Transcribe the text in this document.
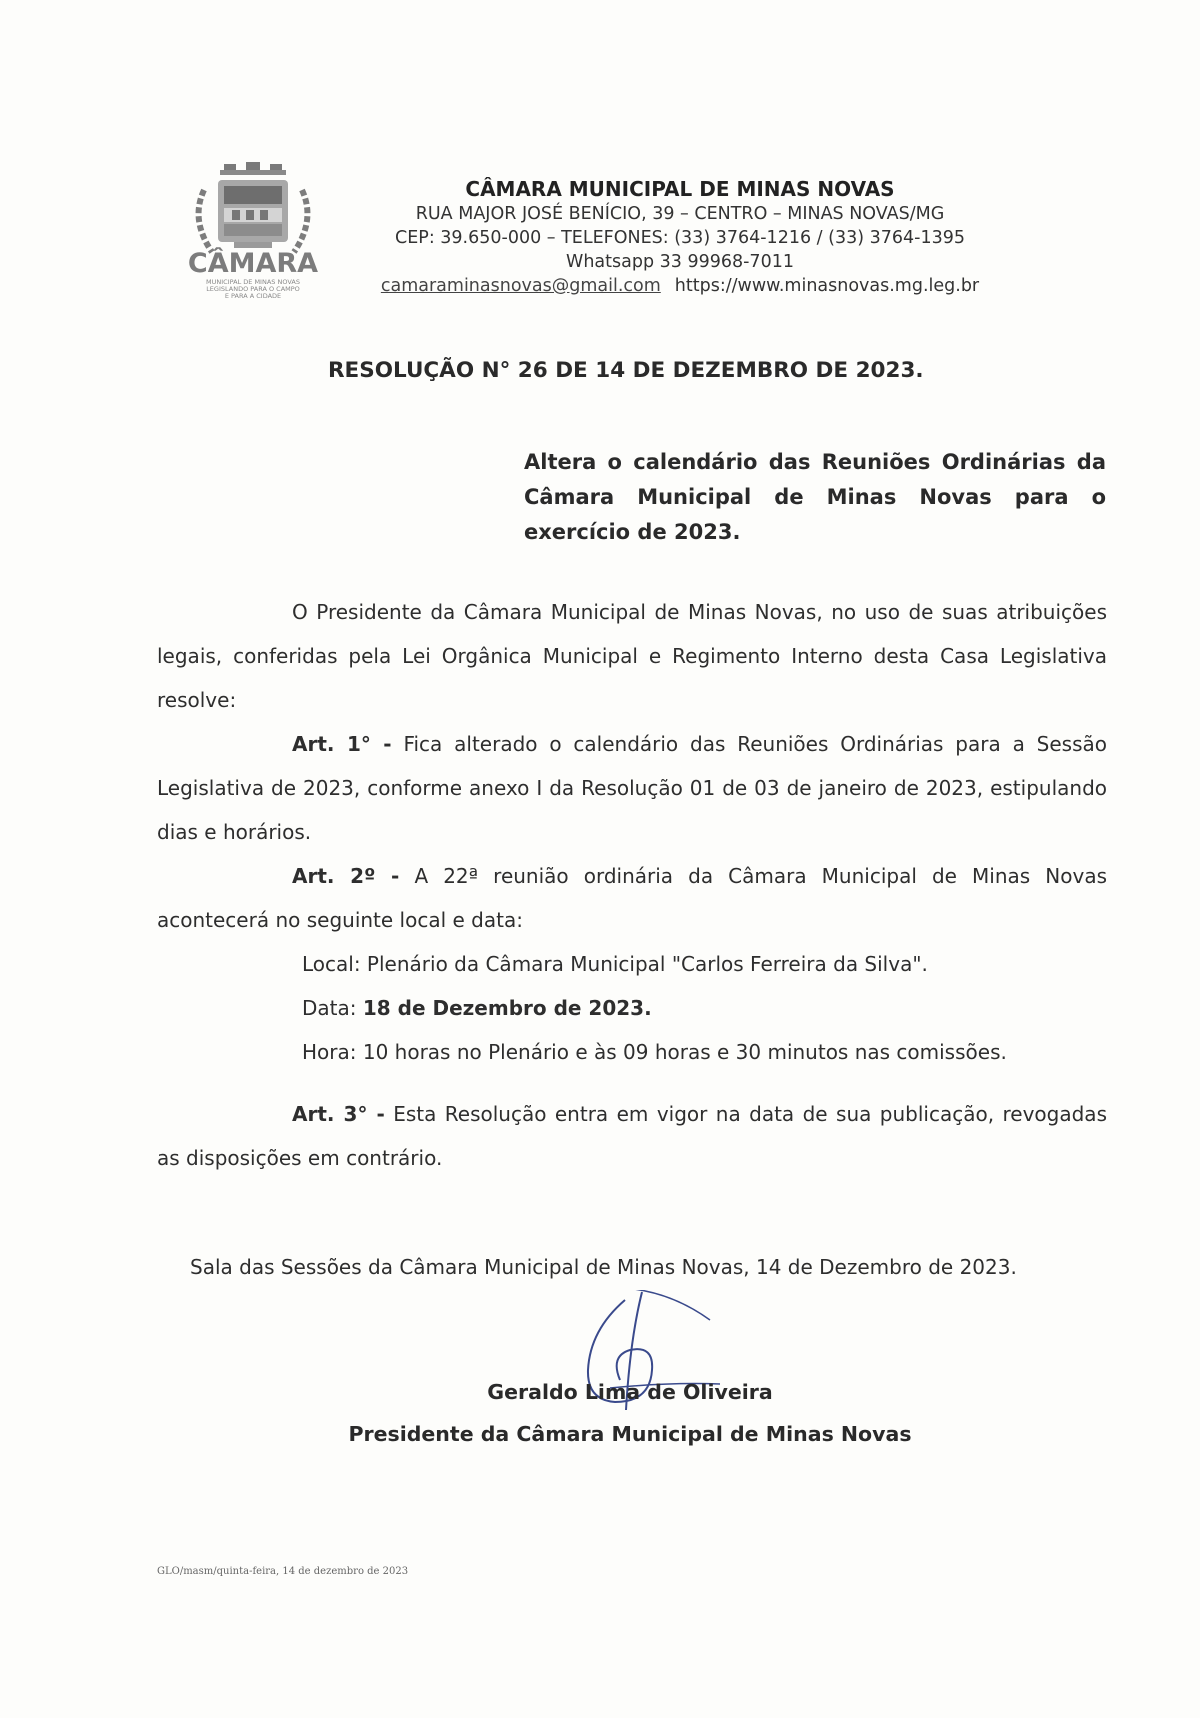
CÂMARA
MUNICIPAL DE MINAS NOVAS
LEGISLANDO PARA O CAMPO
E PARA A CIDADE
CÂMARA MUNICIPAL DE MINAS NOVAS
RUA MAJOR JOSÉ BENÍCIO, 39 – CENTRO – MINAS NOVAS/MG
CEP: 39.650-000 – TELEFONES: (33) 3764-1216 / (33) 3764-1395
Whatsapp 33 99968-7011
camaraminasnovas@gmail.com https://www.minasnovas.mg.leg.br
RESOLUÇÃO N° 26 DE 14 DE DEZEMBRO DE 2023.
Altera o calendário das Reuniões Ordinárias da Câmara Municipal de Minas Novas para o exercício de 2023.

O Presidente da Câmara Municipal de Minas Novas, no uso de suas atribuições legais, conferidas pela Lei Orgânica Municipal e Regimento Interno desta Casa Legislativa resolve:

Art. 1° - Fica alterado o calendário das Reuniões Ordinárias para a Sessão Legislativa de 2023, conforme anexo I da Resolução 01 de 03 de janeiro de 2023, estipulando dias e horários.

Art. 2º - A 22ª reunião ordinária da Câmara Municipal de Minas Novas acontecerá no seguinte local e data:

Local: Plenário da Câmara Municipal "Carlos Ferreira da Silva".

Data: 18 de Dezembro de 2023.

Hora: 10 horas no Plenário e às 09 horas e 30 minutos nas comissões.

Art. 3° - Esta Resolução entra em vigor na data de sua publicação, revogadas as disposições em contrário.

Sala das Sessões da Câmara Municipal de Minas Novas, 14 de Dezembro de 2023.
Geraldo Lima de Oliveira
Presidente da Câmara Municipal de Minas Novas
GLO/masm/quinta-feira, 14 de dezembro de 2023
